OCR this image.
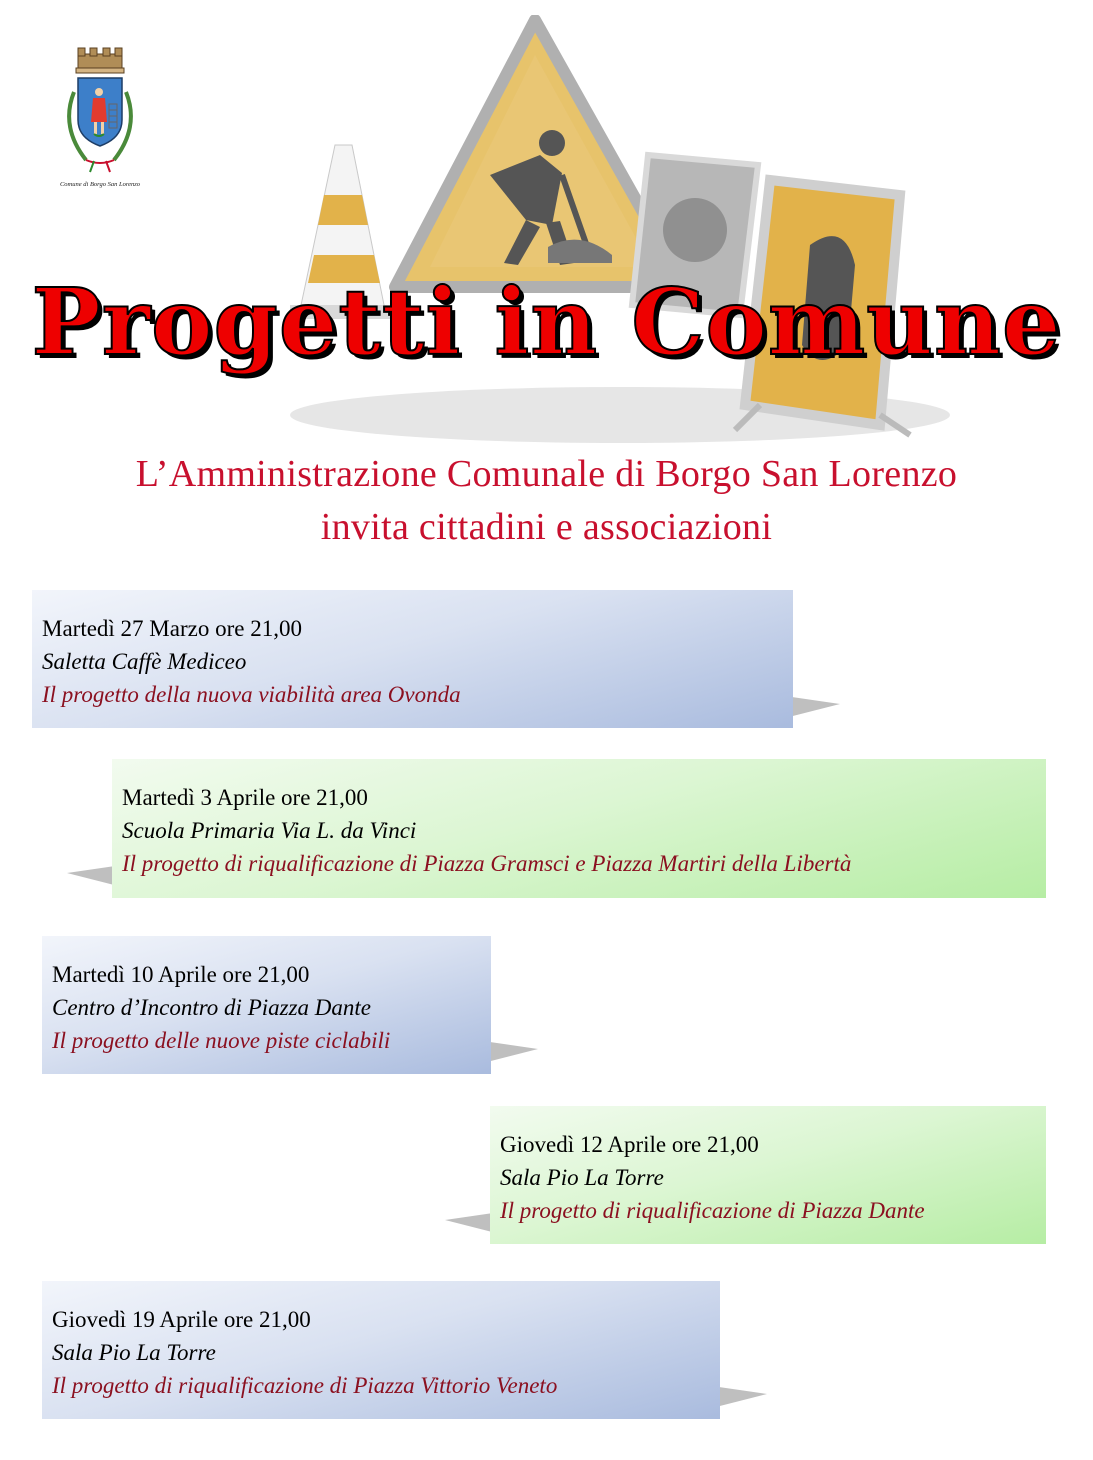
Comune di Borgo San Lorenzo
Progetti in Comune
L’Amministrazione Comunale di Borgo San Lorenzo
invita cittadini e associazioni
Martedì 27 Marzo ore 21,00
Saletta Caffè Mediceo
Il progetto della nuova viabilità area Ovonda
Martedì 3 Aprile ore 21,00
Scuola Primaria Via L. da Vinci
Il progetto di riqualificazione di Piazza Gramsci e Piazza Martiri della Libertà
Martedì 10 Aprile ore 21,00
Centro d’Incontro di Piazza Dante
Il progetto delle nuove piste ciclabili
Giovedì 12 Aprile ore 21,00
Sala Pio La Torre
Il progetto di riqualificazione di Piazza Dante
Giovedì 19 Aprile ore 21,00
Sala Pio La Torre
Il progetto di riqualificazione di Piazza Vittorio Veneto
